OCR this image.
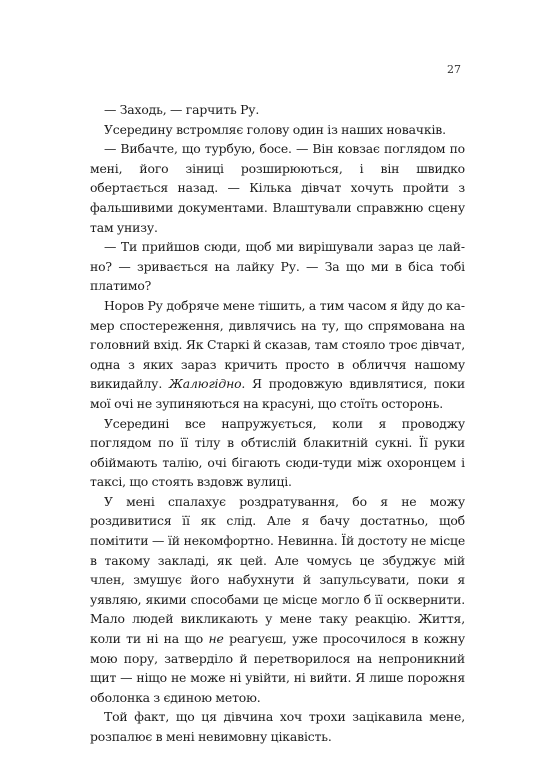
27

— Заходь, — гарчить Ру.

Усередину встромляє голову один із наших новачків.

— Вибачте, що турбую, босе. — Він ковзає поглядом по мені, його зіниці розширюються, і він швидко обертається назад. — Кілька дівчат хочуть пройти з фальшивими документами. Влаштували справжню сцену там унизу.

— Ти прийшов сюди, щоб ми вирішували зараз це лайно? — зривається на лайку Ру. — За що ми в біса тобі платимо?

Норов Ру добряче мене тішить, а тим часом я йду до камер спостереження, дивлячись на ту, що спрямована на головний вхід. Як Старкі й сказав, там стояло троє дівчат, одна з яких зараз кричить просто в обличчя нашому викидайлу. Жалюгідно. Я продовжую вдивлятися, поки мої очі не зупиняються на красуні, що стоїть осторонь.

Усередині все напружується, коли я проводжу поглядом по її тілу в обтислій блакитній сукні. Її руки обіймають талію, очі бігають сюди-туди між охоронцем і таксі, що стоять вздовж вулиці.

У мені спалахує роздратування, бо я не можу роздивитися її як слід. Але я бачу достатньо, щоб помітити — їй некомфортно. Невинна. Їй достоту не місце в такому закладі, як цей. Але чомусь це збуджує мій член, змушує його набухнути й запульсувати, поки я уявляю, якими способами це місце могло б її осквернити. Мало людей викликають у мене таку реакцію. Життя, коли ти ні на що не реагуєш, уже просочилося в кожну мою пору, затверділо й перетворилося на непроникний щит — ніщо не може ні увійти, ні вийти. Я лише порожня оболонка з єдиною метою.

Той факт, що ця дівчина хоч трохи зацікавила мене, розпалює в мені невимовну цікавість.
